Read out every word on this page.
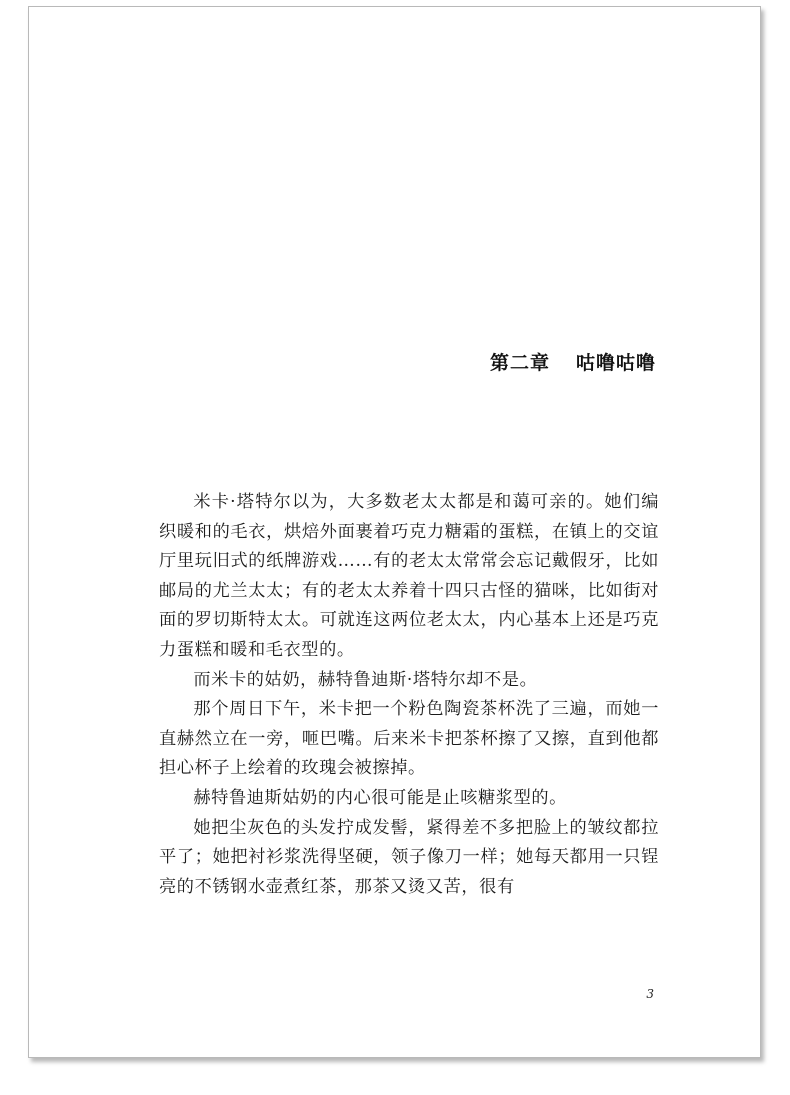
第二章 咕噜咕噜

米卡·塔特尔以为，大多数老太太都是和蔼可亲的。她们编织暖和的毛衣，烘焙外面裹着巧克力糖霜的蛋糕，在镇上的交谊厅里玩旧式的纸牌游戏……有的老太太常常会忘记戴假牙，比如邮局的尤兰太太；有的老太太养着十四只古怪的猫咪，比如街对面的罗切斯特太太。可就连这两位老太太，内心基本上还是巧克力蛋糕和暖和毛衣型的。

而米卡的姑奶，赫特鲁迪斯·塔特尔却不是。

那个周日下午，米卡把一个粉色陶瓷茶杯洗了三遍，而她一直赫然立在一旁，咂巴嘴。后来米卡把茶杯擦了又擦，直到他都担心杯子上绘着的玫瑰会被擦掉。

赫特鲁迪斯姑奶的内心很可能是止咳糖浆型的。

她把尘灰色的头发拧成发髻，紧得差不多把脸上的皱纹都拉平了；她把衬衫浆洗得坚硬，领子像刀一样；她每天都用一只锃亮的不锈钢水壶煮红茶，那茶又烫又苦，很有

3
